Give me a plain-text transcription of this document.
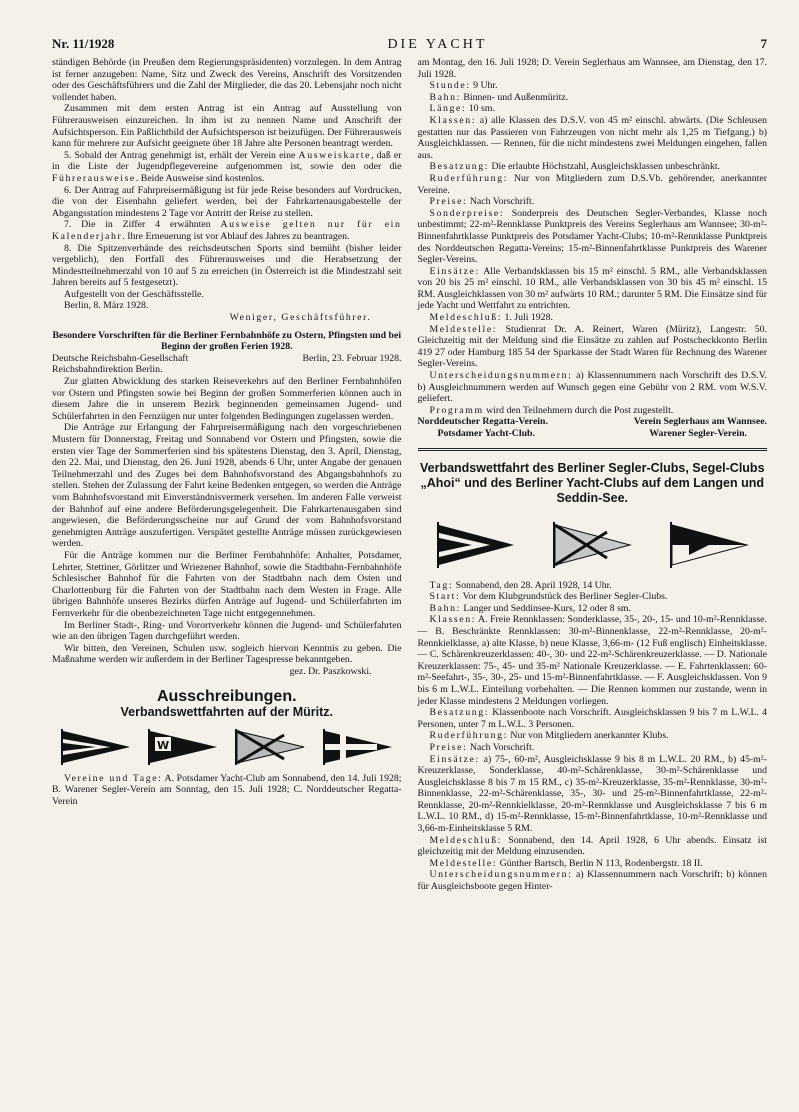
Nr. 11/1928	DIE YACHT	7

ständigen Behörde (in Preußen dem Regierungspräsidenten) vorzulegen. In dem Antrag ist ferner anzugeben: Name, Sitz und Zweck des Vereins, Anschrift des Vorsitzenden oder des Geschäftsführers und die Zahl der Mitglieder, die das 20. Lebensjahr noch nicht vollendet haben.

Zusammen mit dem ersten Antrag ist ein Antrag auf Ausstellung von Führerausweisen einzureichen. In ihm ist zu nennen Name und Anschrift der Aufsichtsperson. Ein Paßlichtbild der Aufsichtsperson ist beizufügen. Der Führerausweis kann für mehrere zur Aufsicht geeignete über 18 Jahre alte Personen beantragt werden.

5. Sobald der Antrag genehmigt ist, erhält der Verein eine Ausweiskarte, daß er in die Liste der Jugendpflegevereine aufgenommen ist, sowie den oder die Führerausweise. Beide Ausweise sind kostenlos.

6. Der Antrag auf Fahrpreisermäßigung ist für jede Reise besonders auf Vordrucken, die von der Eisenbahn geliefert werden, bei der Fahrkartenausgabestelle der Abgangsstation mindestens 2 Tage vor Antritt der Reise zu stellen.

7. Die in Ziffer 4 erwähnten Ausweise gelten nur für ein Kalenderjahr. Ihre Erneuerung ist vor Ablauf des Jahres zu beantragen.

8. Die Spitzenverbände des reichsdeutschen Sports sind bemüht (bisher leider vergeblich), den Fortfall des Führerausweises und die Herabsetzung der Mindestteilnehmerzahl von 10 auf 5 zu erreichen (in Österreich ist die Mindestzahl seit Jahren bereits auf 5 festgesetzt).

Aufgestellt von der Geschäftsstelle.

Berlin, 8. März 1928.

Weniger, Geschäftsführer.
Besondere Vorschriften für die Berliner Fernbahnhöfe zu Ostern, Pfingsten und bei Beginn der großen Ferien 1928.
Deutsche Reichsbahn-Gesellschaft	Berlin, 23. Februar 1928.

Reichsbahndirektion Berlin.

Zur glatten Abwicklung des starken Reiseverkehrs auf den Berliner Fernbahnhöfen vor Ostern und Pfingsten sowie bei Beginn der großen Sommerferien können auch in diesem Jahre die in unserem Bezirk beginnenden gemeinsamen Jugend- und Schülerfahrten in den Fernzügen nur unter folgenden Bedingungen zugelassen werden.

Die Anträge zur Erlangung der Fahrpreisermäßigung nach den vorgeschriebenen Mustern für Donnerstag, Freitag und Sonnabend vor Ostern und Pfingsten, sowie die ersten vier Tage der Sommerferien sind bis spätestens Dienstag, den 3. April, Dienstag, den 22. Mai, und Dienstag, den 26. Juni 1928, abends 6 Uhr, unter Angabe der genauen Teilnehmerzahl und des Zuges bei dem Bahnhofsvorstand des Abgangsbahnhofs zu stellen. Stehen der Zulassung der Fahrt keine Bedenken entgegen, so werden die Anträge vom Bahnhofsvorstand mit Einverständnisvermerk versehen. Im anderen Falle verweist der Bahnhof auf eine andere Beförderungsgelegenheit. Die Fahrkartenausgaben sind angewiesen, die Beförderungsscheine nur auf Grund der vom Bahnhofsvorstand genehmigten Anträge auszufertigen. Verspätet gestellte Anträge müssen zurückgewiesen werden.

Für die Anträge kommen nur die Berliner Fernbahnhöfe: Anhalter, Potsdamer, Lehrter, Stettiner, Görlitzer und Wriezener Bahnhof, sowie die Stadtbahn-Fernbahnhöfe Schlesischer Bahnhof für die Fahrten von der Stadtbahn nach dem Osten und Charlottenburg für die Fahrten von der Stadtbahn nach dem Westen in Frage. Alle übrigen Bahnhöfe unseres Bezirks dürfen Anträge auf Jugend- und Schülerfahrten im Fernverkehr für die obenbezeichneten Tage nicht entgegennehmen.

Im Berliner Stadt-, Ring- und Vorortverkehr können die Jugend- und Schülerfahrten wie an den übrigen Tagen durchgeführt werden.

Wir bitten, den Vereinen, Schulen usw. sogleich hiervon Kenntnis zu geben. Die Maßnahme werden wir außerdem in der Berliner Tagespresse bekanntgeben.

gez. Dr. Paszkowski.
Ausschreibungen.
Verbandswettfahrten auf der Müritz.
W

Vereine und Tage: A. Potsdamer Yacht-Club am Sonnabend, den 14. Juli 1928; B. Warener Segler-Verein am Sonntag, den 15. Juli 1928; C. Norddeutscher Regatta-Verein

am Montag, den 16. Juli 1928; D. Verein Seglerhaus am Wannsee, am Dienstag, den 17. Juli 1928.

Stunde: 9 Uhr.

Bahn: Binnen- und Außenmüritz.

Länge: 10 sm.

Klassen: a) alle Klassen des D.S.V. von 45 m² einschl. abwärts. (Die Schleusen gestatten nur das Passieren von Fahrzeugen von nicht mehr als 1,25 m Tiefgang.) b) Ausgleichklassen. — Rennen, für die nicht mindestens zwei Meldungen eingehen, fallen aus.

Besatzung: Die erlaubte Höchstzahl, Ausgleichsklassen unbeschränkt.

Ruderführung: Nur von Mitgliedern zum D.S.Vb. gehörender, anerkannter Vereine.

Preise: Nach Vorschrift.

Sonderpreise: Sonderpreis des Deutschen Segler-Verbandes, Klasse noch unbestimmt; 22-m²-Rennklasse Punktpreis des Vereins Seglerhaus am Wannsee; 30-m²-Binnenfahrtklasse Punktpreis des Potsdamer Yacht-Clubs; 10-m²-Rennklasse Punktpreis des Norddeutschen Regatta-Vereins; 15-m²-Binnenfahrtklasse Punktpreis des Warener Segler-Vereins.

Einsätze: Alle Verbandsklassen bis 15 m² einschl. 5 RM., alle Verbandsklassen von 20 bis 25 m² einschl. 10 RM., alle Verbandsklassen von 30 bis 45 m² einschl. 15 RM. Ausgleichklassen von 30 m² aufwärts 10 RM.; darunter 5 RM. Die Einsätze sind für jede Yacht und Wettfahrt zu entrichten.

Meldeschluß: 1. Juli 1928.

Meldestelle: Studienrat Dr. A. Reinert, Waren (Müritz), Langestr. 50. Gleichzeitig mit der Meldung sind die Einsätze zu zahlen auf Postscheckkonto Berlin 419 27 oder Hamburg 185 54 der Sparkasse der Stadt Waren für Rechnung des Warener Segler-Vereins.

Unterscheidungsnummern: a) Klassennummern nach Vorschrift des D.S.V. b) Ausgleichnummern werden auf Wunsch gegen eine Gebühr von 2 RM. vom W.S.V. geliefert.

Programm wird den Teilnehmern durch die Post zugestellt.

Norddeutscher Regatta-Verein.	Verein Seglerhaus am Wannsee.
Potsdamer Yacht-Club.	Warener Segler-Verein.
Verbandswettfahrt des Berliner Segler-Clubs, Segel-Clubs „Ahoi“ und des Berliner Yacht-Clubs auf dem Langen und Seddin-See.

Tag: Sonnabend, den 28. April 1928, 14 Uhr.

Start: Vor dem Klubgrundstück des Berliner Segler-Clubs.

Bahn: Langer und Seddinsee-Kurs, 12 oder 8 sm.

Klassen: A. Freie Rennklassen: Sonderklasse, 35-, 20-, 15- und 10-m²-Rennklasse. — B. Beschränkte Rennklassen: 30-m²-Binnenklasse, 22-m²-Rennklasse, 20-m²-Rennkielklasse, a) alte Klasse, b) neue Klasse, 3,66-m- (12 Fuß englisch) Einheitsklasse. — C. Schärenkreuzerklassen: 40-, 30- und 22-m²-Schärenkreuzerklasse. — D. Nationale Kreuzerklassen: 75-, 45- und 35-m² Nationale Kreuzerklasse. — E. Fahrtenklassen: 60-m²-Seefahrt-, 35-, 30-, 25- und 15-m²-Binnenfahrtklasse. — F. Ausgleichsklassen. Von 9 bis 6 m L.W.L. Einteilung vorbehalten. — Die Rennen kommen nur zustande, wenn in jeder Klasse mindestens 2 Meldungen vorliegen.

Besatzung: Klassenboote nach Vorschrift. Ausgleichsklassen 9 bis 7 m L.W.L. 4 Personen, unter 7 m L.W.L. 3 Personen.

Ruderführung: Nur von Mitgliedern anerkannter Klubs.

Preise: Nach Vorschrift.

Einsätze: a) 75-, 60-m², Ausgleichsklasse 9 bis 8 m L.W.L. 20 RM., b) 45-m²-Kreuzerklasse, Sonderklasse, 40-m²-Schärenklasse, 30-m²-Schärenklasse und Ausgleichsklasse 8 bis 7 m 15 RM., c) 35-m²-Kreuzerklasse, 35-m²-Rennklasse, 30-m²-Binnenklasse, 22-m²-Schärenklasse, 35-, 30- und 25-m²-Binnenfahrtklasse, 22-m²-Rennklasse, 20-m²-Rennkielklasse, 20-m²-Rennklasse und Ausgleichsklasse 7 bis 6 m L.W.L. 10 RM., d) 15-m²-Rennklasse, 15-m²-Binnenfahrtklasse, 10-m²-Rennklasse und 3,66-m-Einheitsklasse 5 RM.

Meldeschluß: Sonnabend, den 14. April 1928, 6 Uhr abends. Einsatz ist gleichzeitig mit der Meldung einzusenden.

Meldestelle: Günther Bartsch, Berlin N 113, Rodenbergstr. 18 II.

Unterscheidungsnummern: a) Klassennummern nach Vorschrift: b) können für Ausgleichsboote gegen Hinter-
